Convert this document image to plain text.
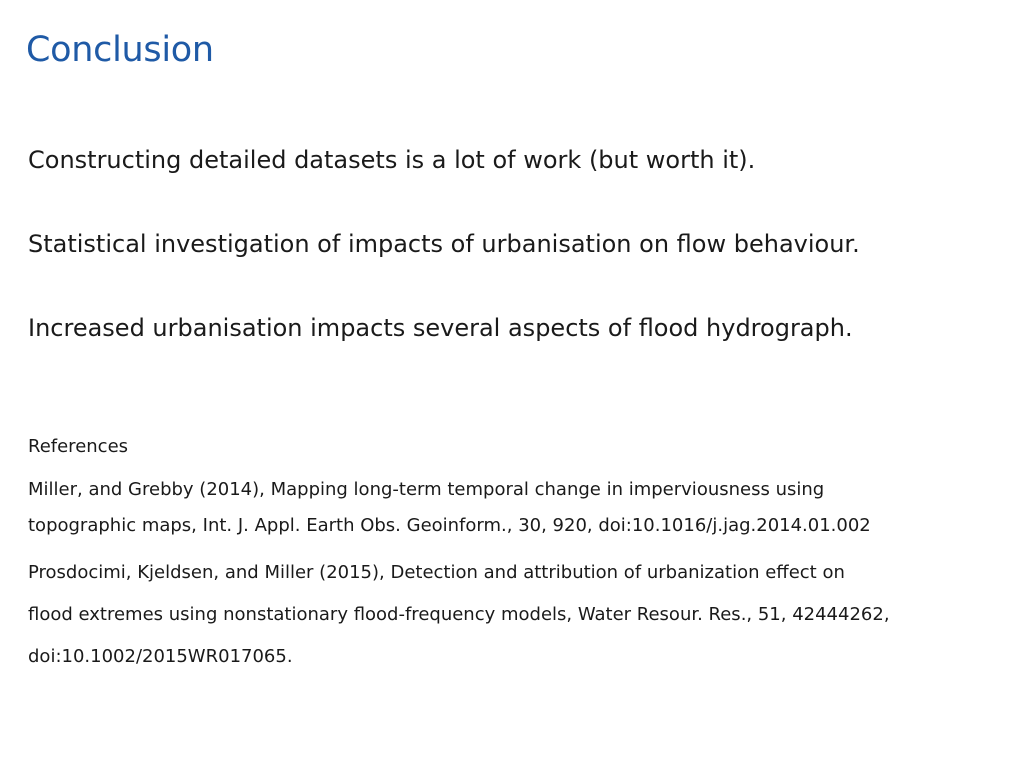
Conclusion

Constructing detailed datasets is a lot of work (but worth it).

Statistical investigation of impacts of urbanisation on flow behaviour.

Increased urbanisation impacts several aspects of flood hydrograph.

References

Miller, and Grebby (2014), Mapping long-term temporal change in imperviousness using
topographic maps, Int. J. Appl. Earth Obs. Geoinform., 30, 920, doi:10.1016/j.jag.2014.01.002

Prosdocimi, Kjeldsen, and Miller (2015), Detection and attribution of urbanization effect on
flood extremes using nonstationary flood-frequency models, Water Resour. Res., 51, 42444262,
doi:10.1002/2015WR017065.
